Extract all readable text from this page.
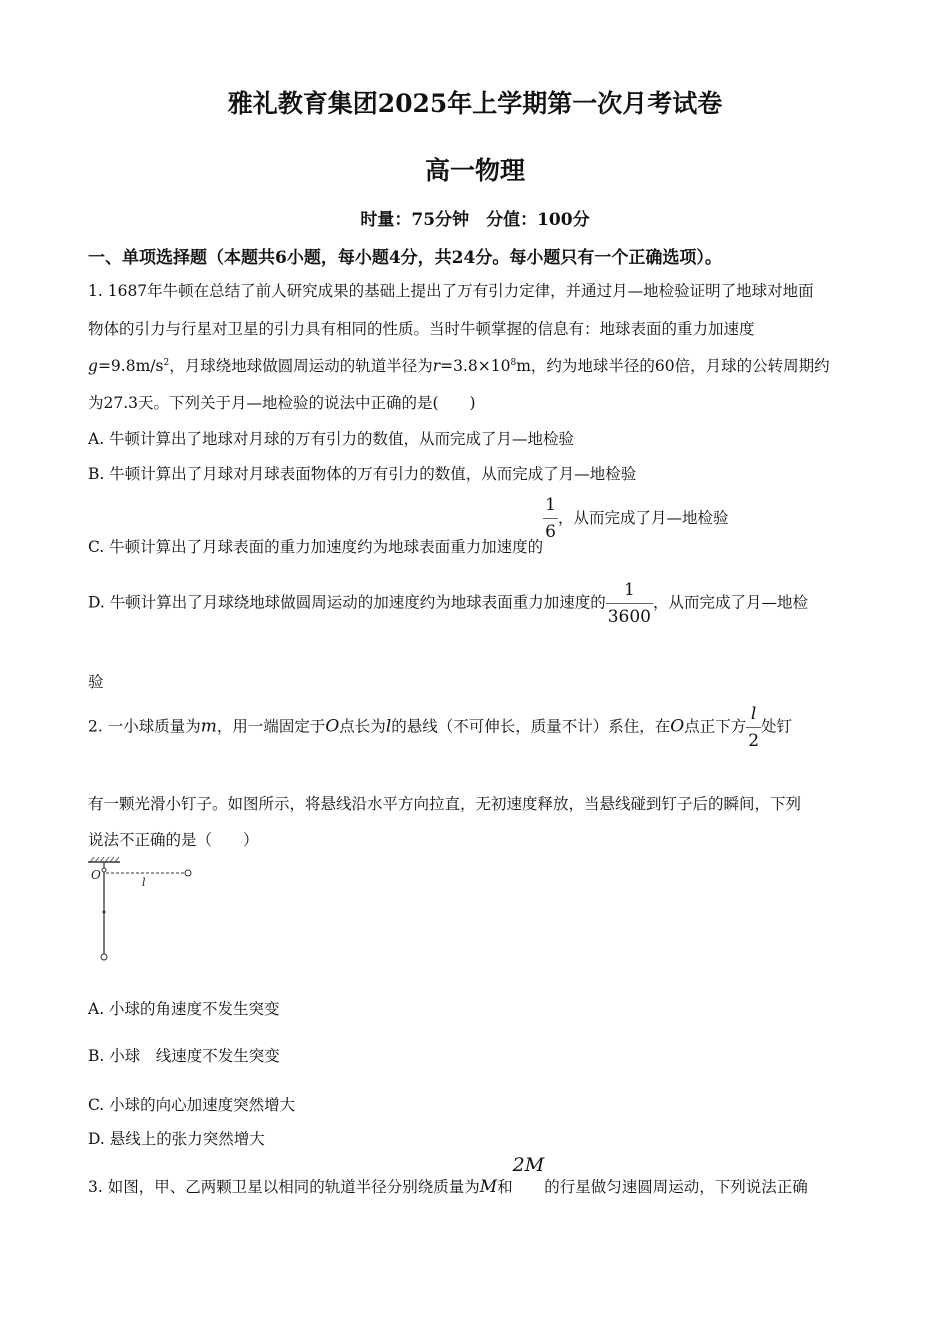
雅礼教育集团2025年上学期第一次月考试卷
高一物理
时量：75分钟　分值：100分
一、单项选择题（本题共6小题，每小题4分，共24分。每小题只有一个正确选项）。
1. 1687年牛顿在总结了前人研究成果的基础上提出了万有引力定律，并通过月—地检验证明了地球对地面
物体的引力与行星对卫星的引力具有相同的性质。当时牛顿掌握的信息有：地球表面的重力加速度
$g=9.8m/s^2$，月球绕地球做圆周运动的轨道半径为$r=3.8\times 10^8m$，约为地球半径的60倍，月球的公转周期约
为27.3天。下列关于月—地检验的说法中正确的是(　　)
A. 牛顿计算出了地球对月球的万有引力的数值，从而完成了月—地检验
B. 牛顿计算出了月球对月球表面物体的万有引力的数值，从而完成了月—地检验
C. 牛顿计算出了月球表面的重力加速度约为地球表面重力加速度的
$\frac{1}{6}$ ，从而完成了月—地检验
D. 牛顿计算出了月球绕地球做圆周运动的加速度约为地球表面重力加速度的 $\frac{1}{3600}$ ，从而完成了月—地检
验
2. 一小球质量为m，用一端固定于O点长为l的悬线（不可伸长，质量不计）系住，在O点正下方 $\frac{l}{2}$ 处钉
有一颗光滑小钉子。如图所示，将悬线沿水平方向拉直，无初速度释放，当悬线碰到钉子后的瞬间，下列
说法不正确的是（　　）
O
l
A. 小球的角速度不发生突变
B. 小球　线速度不发生突变
C. 小球的向心加速度突然增大
D. 悬线上的张力突然增大
3. 如图，甲、乙两颗卫星以相同的轨道半径分别绕质量为M和2M的行星做匀速圆周运动，下列说法正确
